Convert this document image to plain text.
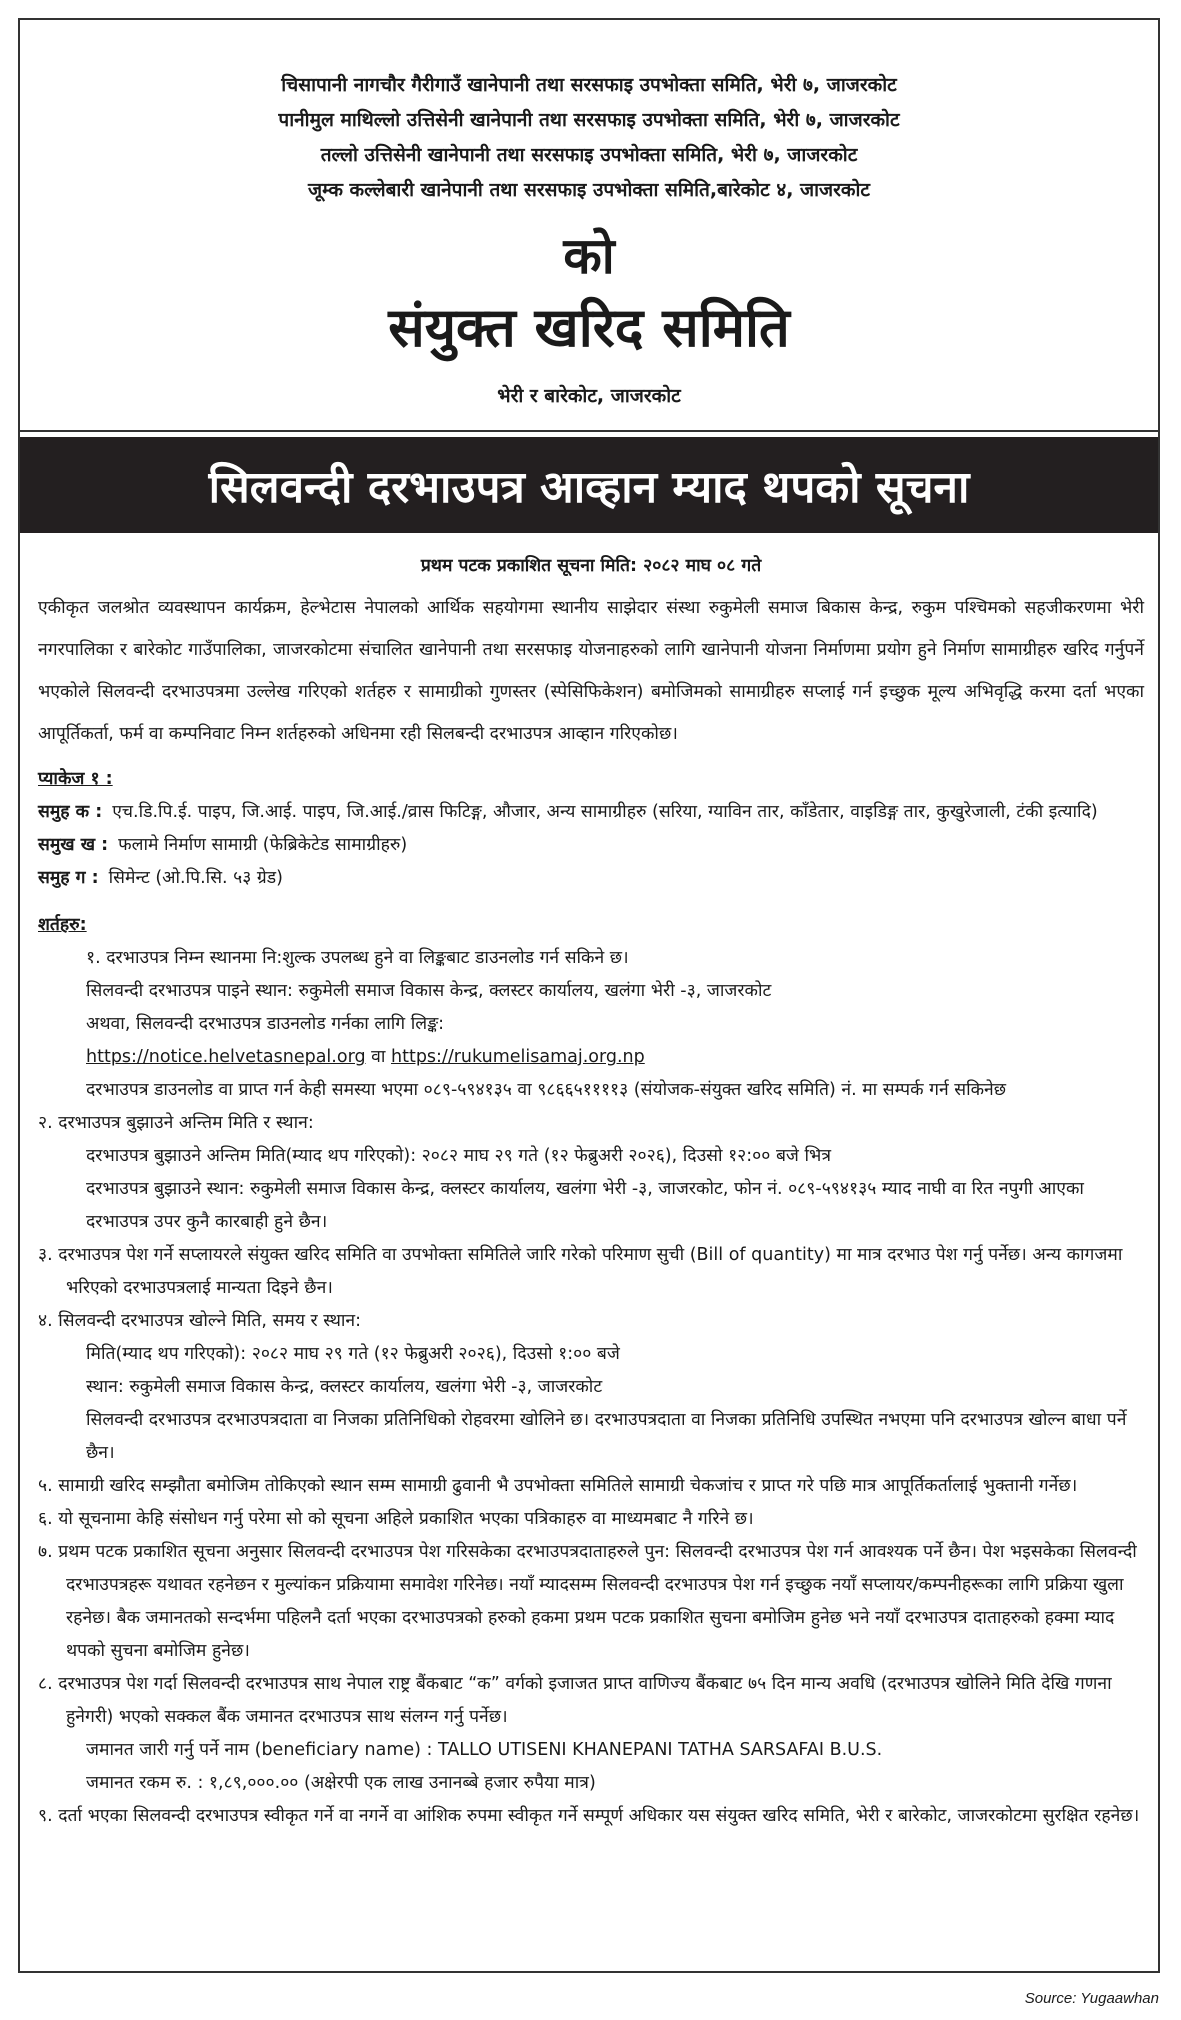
चिसापानी नागचौर गैरीगाउँ खानेपानी तथा सरसफाइ उपभोक्ता समिति, भेरी ७, जाजरकोट
पानीमुल माथिल्लो उत्तिसेनी खानेपानी तथा सरसफाइ उपभोक्ता समिति, भेरी ७, जाजरकोट
तल्लो उत्तिसेनी खानेपानी तथा सरसफाइ उपभोक्ता समिति, भेरी ७, जाजरकोट
जूम्क कल्लेबारी खानेपानी तथा सरसफाइ उपभोक्ता समिति,बारेकोट ४, जाजरकोट
को
संयुक्त खरिद समिति
भेरी र बारेकोट, जाजरकोट
सिलवन्दी दरभाउपत्र आव्हान म्याद थपको सूचना
प्रथम पटक प्रकाशित सूचना मिति: २०८२ माघ ०८ गते
एकीकृत जलश्रोत व्यवस्थापन कार्यक्रम, हेल्भेटास नेपालको आर्थिक सहयोगमा स्थानीय साझेदार संस्था रुकुमेली समाज बिकास केन्द्र, रुकुम पश्चिमको सहजीकरणमा भेरी नगरपालिका र बारेकोट गाउँपालिका, जाजरकोटमा संचालित खानेपानी तथा सरसफाइ योजनाहरुको लागि खानेपानी योजना निर्माणमा प्रयोग हुने निर्माण सामाग्रीहरु खरिद गर्नुपर्ने भएकोले सिलवन्दी दरभाउपत्रमा उल्लेख गरिएको शर्तहरु र सामाग्रीको गुणस्तर (स्पेसिफिकेशन) बमोजिमको सामाग्रीहरु सप्लाई गर्न इच्छुक मूल्य अभिवृद्धि करमा दर्ता भएका आपूर्तिकर्ता, फर्म वा कम्पनिवाट निम्न शर्तहरुको अधिनमा रही सिलबन्दी दरभाउपत्र आव्हान गरिएकोछ।
प्याकेज १ :
समुह क : एच.डि.पि.ई. पाइप, जि.आई. पाइप, जि.आई./व्रास फिटिङ्ग, औजार, अन्य सामाग्रीहरु (सरिया, ग्याविन तार, काँडेतार, वाइडिङ्ग तार, कुखुरेजाली, टंकी इत्यादि)
समुख ख : फलामे निर्माण सामाग्री (फेब्रिकेटेड सामाग्रीहरु)
समुह ग : सिमेन्ट (ओ.पि.सि. ५३ ग्रेड)
शर्तहरु:
१. दरभाउपत्र निम्न स्थानमा नि:शुल्क उपलब्ध हुने वा लिङ्कबाट डाउनलोड गर्न सकिने छ।
सिलवन्दी दरभाउपत्र पाइने स्थान: रुकुमेली समाज विकास केन्द्र, क्लस्टर कार्यालय, खलंगा भेरी -३, जाजरकोट
अथवा, सिलवन्दी दरभाउपत्र डाउनलोड गर्नका लागि लिङ्क:
https://notice.helvetasnepal.org वा https://rukumelisamaj.org.np
दरभाउपत्र डाउनलोड वा प्राप्त गर्न केही समस्या भएमा ०८९-५९४१३५ वा ९८६६५११११३ (संयोजक-संयुक्त खरिद समिति) नं. मा सम्पर्क गर्न सकिनेछ
२. दरभाउपत्र बुझाउने अन्तिम मिति र स्थान:
दरभाउपत्र बुझाउने अन्तिम मिति(म्याद थप गरिएको): २०८२ माघ २९ गते (१२ फेब्रुअरी २०२६), दिउसो १२:०० बजे भित्र
दरभाउपत्र बुझाउने स्थान: रुकुमेली समाज विकास केन्द्र, क्लस्टर कार्यालय, खलंगा भेरी -३, जाजरकोट, फोन नं. ०८९-५९४१३५ म्याद नाघी वा रित नपुगी आएका दरभाउपत्र उपर कुनै कारबाही हुने छैन।
३. दरभाउपत्र पेश गर्ने सप्लायरले संयुक्त खरिद समिति वा उपभोक्ता समितिले जारि गरेको परिमाण सुची (Bill of quantity) मा मात्र दरभाउ पेश गर्नु पर्नेछ। अन्य कागजमा भरिएको दरभाउपत्रलाई मान्यता दिइने छैन।
४. सिलवन्दी दरभाउपत्र खोल्ने मिति, समय र स्थान:
मिति(म्याद थप गरिएको): २०८२ माघ २९ गते (१२ फेब्रुअरी २०२६), दिउसो १:०० बजे
स्थान: रुकुमेली समाज विकास केन्द्र, क्लस्टर कार्यालय, खलंगा भेरी -३, जाजरकोट
सिलवन्दी दरभाउपत्र दरभाउपत्रदाता वा निजका प्रतिनिधिको रोहवरमा खोलिने छ। दरभाउपत्रदाता वा निजका प्रतिनिधि उपस्थित नभएमा पनि दरभाउपत्र खोल्न बाधा पर्ने छैन।
५. सामाग्री खरिद सम्झौता बमोजिम तोकिएको स्थान सम्म सामाग्री ढुवानी भै उपभोक्ता समितिले सामाग्री चेकजांच र प्राप्त गरे पछि मात्र आपूर्तिकर्तालाई भुक्तानी गर्नेछ।
६. यो सूचनामा केहि संसोधन गर्नु परेमा सो को सूचना अहिले प्रकाशित भएका पत्रिकाहरु वा माध्यमबाट नै गरिने छ।
७. प्रथम पटक प्रकाशित सूचना अनुसार सिलवन्दी दरभाउपत्र पेश गरिसकेका दरभाउपत्रदाताहरुले पुन: सिलवन्दी दरभाउपत्र पेश गर्न आवश्यक पर्ने छैन। पेश भइसकेका सिलवन्दी दरभाउपत्रहरू यथावत रहनेछन र मुल्यांकन प्रक्रियामा समावेश गरिनेछ। नयाँ म्यादसम्म सिलवन्दी दरभाउपत्र पेश गर्न इच्छुक नयाँ सप्लायर/कम्पनीहरूका लागि प्रक्रिया खुला रहनेछ। बैक जमानतको सन्दर्भमा पहिलनै दर्ता भएका दरभाउपत्रको हरुको हकमा प्रथम पटक प्रकाशित सुचना बमोजिम हुनेछ भने नयाँ दरभाउपत्र दाताहरुको हक्मा म्याद थपको सुचना बमोजिम हुनेछ।
८. दरभाउपत्र पेश गर्दा सिलवन्दी दरभाउपत्र साथ नेपाल राष्ट्र बैंकबाट “क” वर्गको इजाजत प्राप्त वाणिज्य बैंकबाट ७५ दिन मान्य अवधि (दरभाउपत्र खोलिने मिति देखि गणना हुनेगरी) भएको सक्कल बैंक जमानत दरभाउपत्र साथ संलग्न गर्नु पर्नेछ।
जमानत जारी गर्नु पर्ने नाम (beneficiary name) : TALLO UTISENI KHANEPANI TATHA SARSAFAI B.U.S.
जमानत रकम रु. : १,८९,०००.०० (अक्षेरपी एक लाख उनानब्बे हजार रुपैया मात्र)
९. दर्ता भएका सिलवन्दी दरभाउपत्र स्वीकृत गर्ने वा नगर्ने वा आंशिक रुपमा स्वीकृत गर्ने सम्पूर्ण अधिकार यस संयुक्त खरिद समिति, भेरी र बारेकोट, जाजरकोटमा सुरक्षित रहनेछ।
Source: Yugaawhan
